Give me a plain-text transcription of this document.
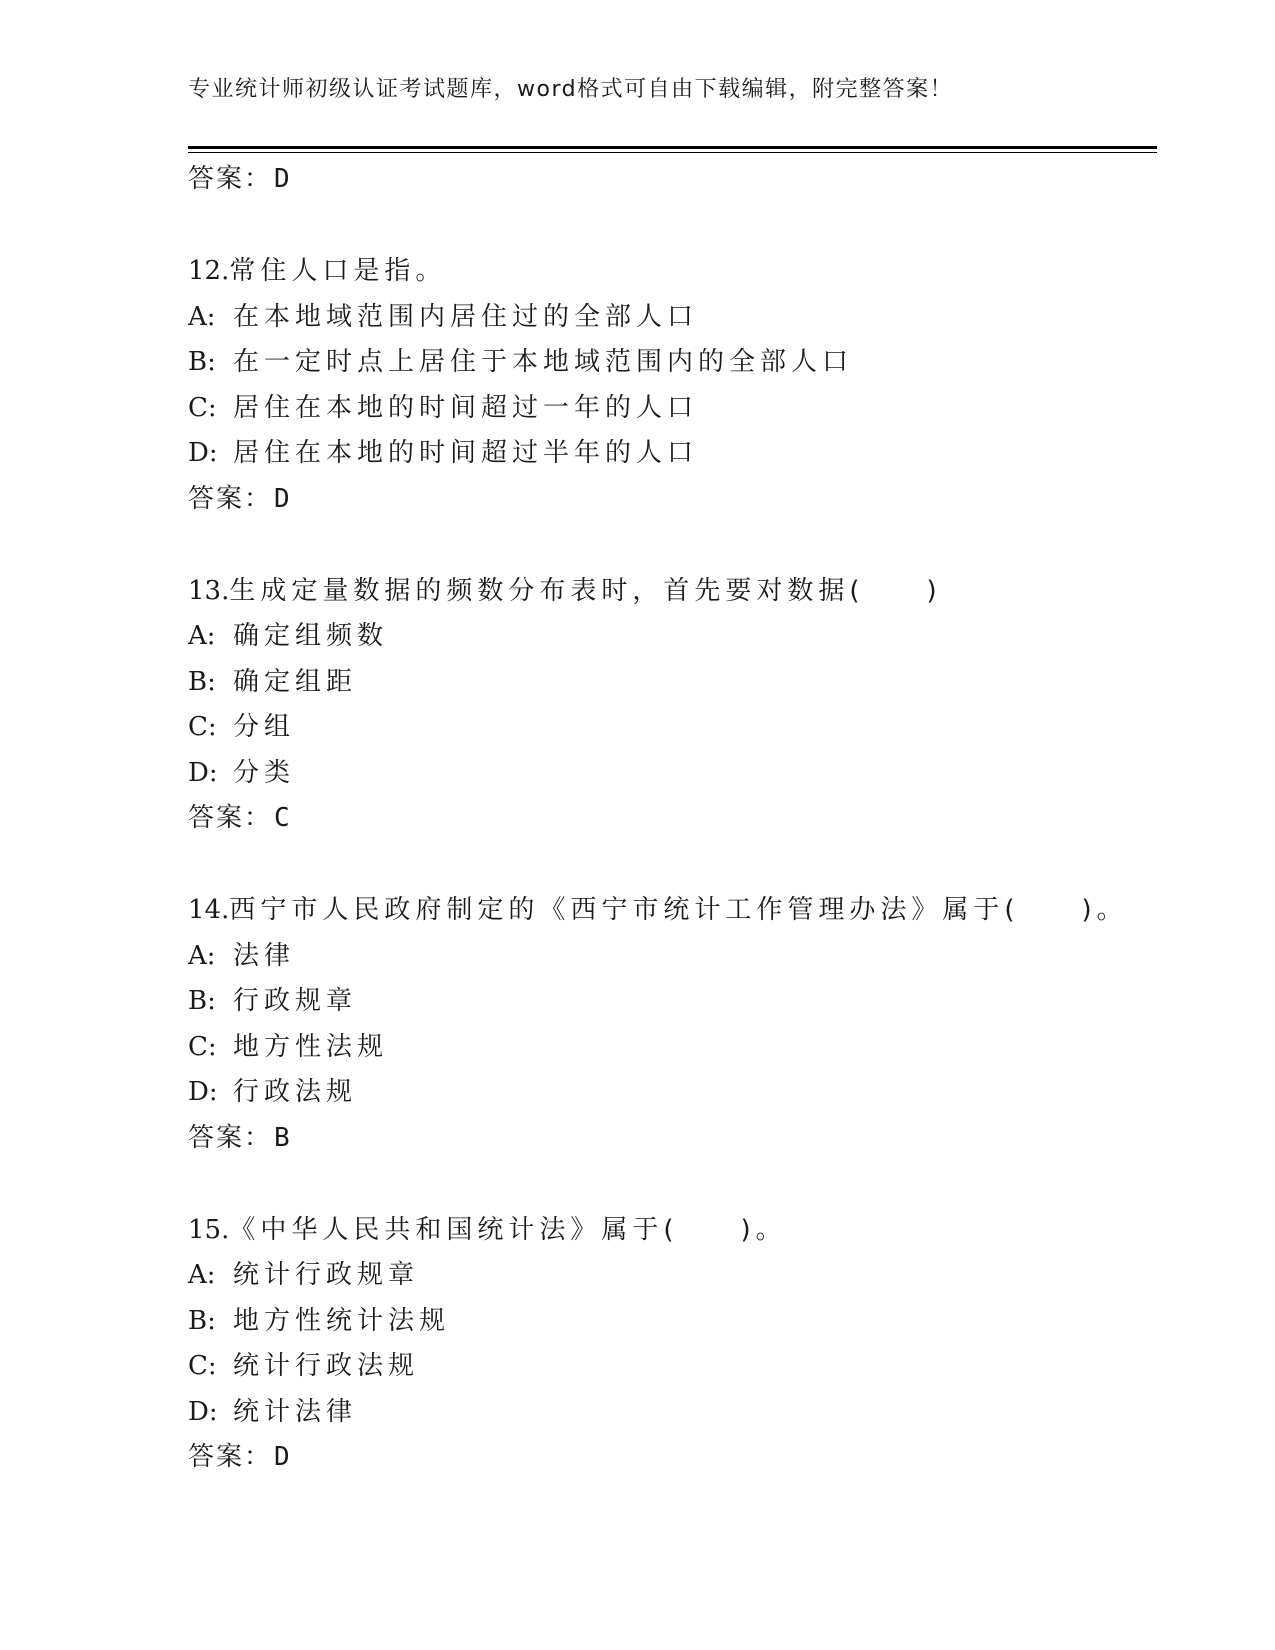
专业统计师初级认证考试题库，word格式可自由下载编辑，附完整答案！
答案：D
12.常住人口是指。
A: 在本地域范围内居住过的全部人口
B: 在一定时点上居住于本地域范围内的全部人口
C: 居住在本地的时间超过一年的人口
D: 居住在本地的时间超过半年的人口
答案：D
13.生成定量数据的频数分布表时，首先要对数据(　　)
A: 确定组频数
B: 确定组距
C: 分组
D: 分类
答案：C
14.西宁市人民政府制定的《西宁市统计工作管理办法》属于(　　)。
A: 法律
B: 行政规章
C: 地方性法规
D: 行政法规
答案：B
15.《中华人民共和国统计法》属于(　　)。
A: 统计行政规章
B: 地方性统计法规
C: 统计行政法规
D: 统计法律
答案：D
